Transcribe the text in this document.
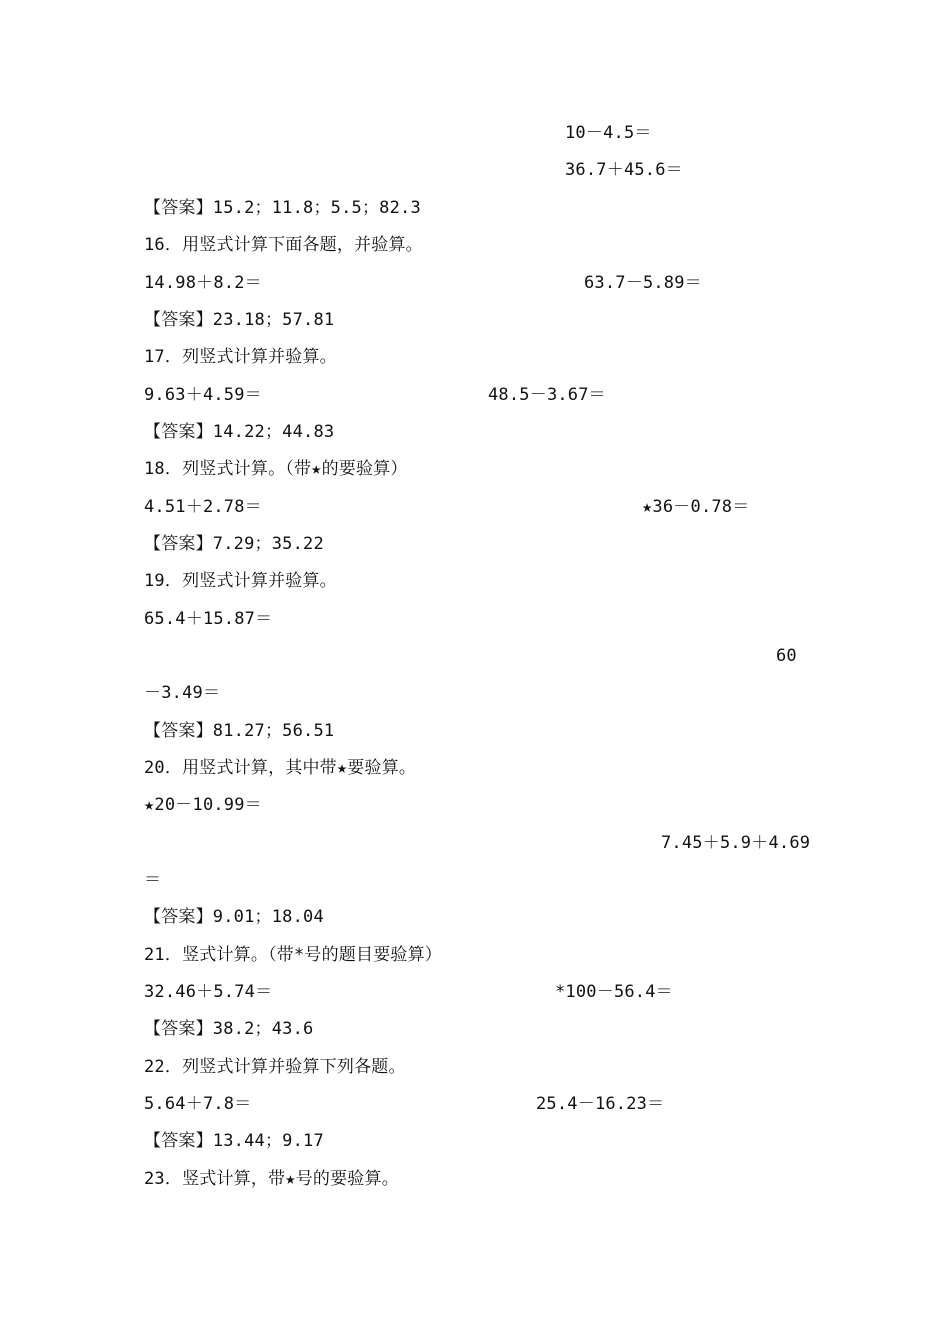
10－4.5＝
36.7＋45.6＝
【答案】15.2；11.8；5.5；82.3
16．用竖式计算下面各题，并验算。
14.98＋8.2＝	63.7－5.89＝
【答案】23.18；57.81
17．列竖式计算并验算。
9.63＋4.59＝	48.5－3.67＝
【答案】14.22；44.83
18．列竖式计算。（带★的要验算）
4.51＋2.78＝	★36－0.78＝
【答案】7.29；35.22
19．列竖式计算并验算。
65.4＋15.87＝
60
－3.49＝
【答案】81.27；56.51
20．用竖式计算，其中带★要验算。
★20－10.99＝
7.45＋5.9＋4.69
＝
【答案】9.01；18.04
21．竖式计算。（带*号的题目要验算）
32.46＋5.74＝	*100－56.4＝
【答案】38.2；43.6
22．列竖式计算并验算下列各题。
5.64＋7.8＝	25.4－16.23＝
【答案】13.44；9.17
23．竖式计算，带★号的要验算。
